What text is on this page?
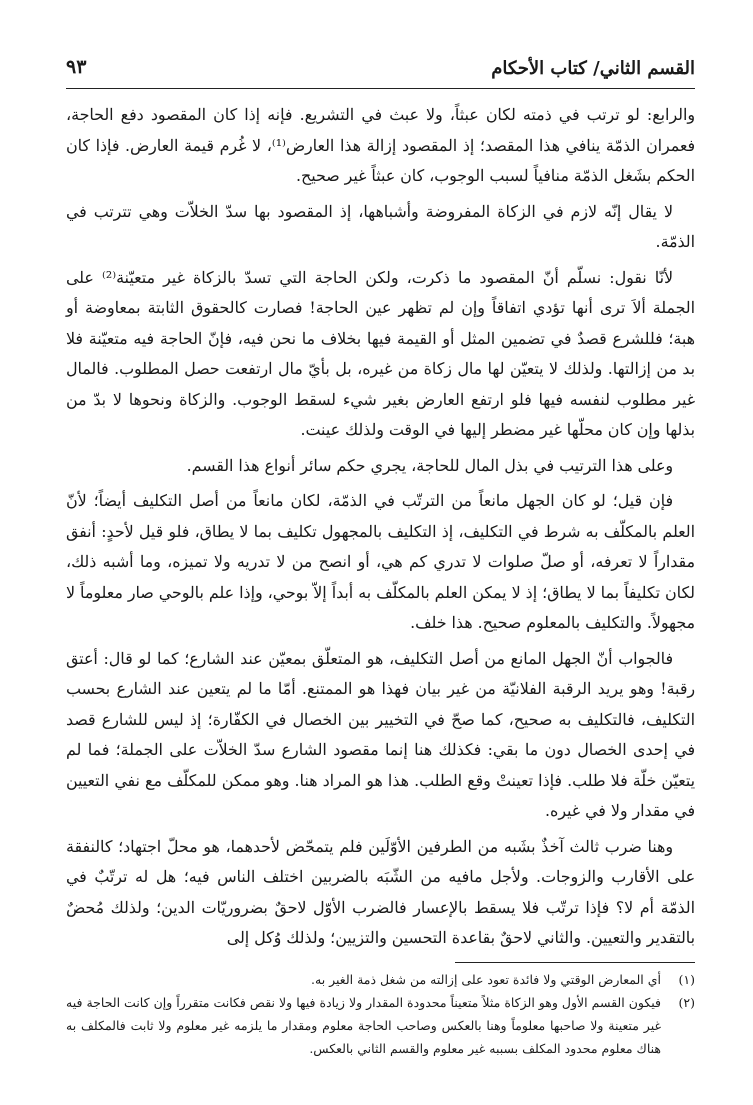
٩٣	القسم الثاني/ كتاب الأحكام

والرابع: لو ترتب في ذمته لكان عبثاً، ولا عبث في التشريع. فإنه إذا كان المقصود دفع الحاجة، فعمران الذمّة ينافي هذا المقصد؛ إذ المقصود إزالة هذا العارض⁽¹⁾، لا غُرم قيمة العارض. فإذا كان الحكم بشَغل الذمّة منافياً لسبب الوجوب، كان عبثاً غير صحيح.

لا يقال إنّه لازم في الزكاة المفروضة وأشباهها، إذ المقصود بها سدّ الخلاّت وهي تترتب في الذمّة.

لأنّا نقول: نسلّم أنّ المقصود ما ذكرت، ولكن الحاجة التي تسدّ بالزكاة غير متعيّنة⁽²⁾ على الجملة ألاَ ترى أنها تؤدي اتفاقاً وإن لم تظهر عين الحاجة! فصارت كالحقوق الثابتة بمعاوضة أو هبة؛ فللشرع قصدٌ في تضمين المثل أو القيمة فيها بخلاف ما نحن فيه، فإنّ الحاجة فيه متعيّنة فلا بد من إزالتها. ولذلك لا يتعيّن لها مال زكاة من غيره، بل بأيّ مال ارتفعت حصل المطلوب. فالمال غير مطلوب لنفسه فيها فلو ارتفع العارض بغير شيء لسقط الوجوب. والزكاة ونحوها لا بدّ من بذلها وإن كان محلّها غير مضطر إليها في الوقت ولذلك عينت.

وعلى هذا الترتيب في بذل المال للحاجة، يجري حكم سائر أنواع هذا القسم.

فإن قيل؛ لو كان الجهل مانعاً من الترتّب في الذمّة، لكان مانعاً من أصل التكليف أيضاً؛ لأنّ العلم بالمكلّف به شرط في التكليف، إذ التكليف بالمجهول تكليف بما لا يطاق، فلو قيل لأحدٍ: أنفق مقداراً لا تعرفه، أو صلّ صلوات لا تدري كم هي، أو انصح من لا تدريه ولا تميزه، وما أشبه ذلك، لكان تكليفاً بما لا يطاق؛ إذ لا يمكن العلم بالمكلّف به أبداً إلاّ بوحي، وإذا علم بالوحي صار معلوماً لا مجهولاً. والتكليف بالمعلوم صحيح. هذا خلف.

فالجواب أنّ الجهل المانع من أصل التكليف، هو المتعلّق بمعيّن عند الشارع؛ كما لو قال: أعتق رقبة! وهو يريد الرقبة الفلانيّة من غير بيان فهذا هو الممتنع. أمّا ما لم يتعين عند الشارع بحسب التكليف، فالتكليف به صحيح، كما صحّ في التخيير بين الخصال في الكفّارة؛ إذ ليس للشارع قصد في إحدى الخصال دون ما بقي: فكذلك هنا إنما مقصود الشارع سدّ الخلاّت على الجملة؛ فما لم يتعيّن خلّة فلا طلب. فإذا تعينتْ وقع الطلب. هذا هو المراد هنا. وهو ممكن للمكلّف مع نفي التعيين في مقدار ولا في غيره.

وهنا ضرب ثالث آخذٌ بشَبه من الطرفين الأوّلَين فلم يتمحّض لأحدهما، هو محلّ اجتهاد؛ كالنفقة على الأقارب والزوجات. ولأجل مافيه من الشّبَه بالضربين اختلف الناس فيه؛ هل له ترتّبٌ في الذمّة أم لا؟ فإذا ترتّب فلا يسقط بالإعسار فالضرب الأوّل لاحقٌ بضروريّات الدين؛ ولذلك مُحضٌ بالتقدير والتعيين. والثاني لاحقٌ بقاعدة التحسين والتزيين؛ ولذلك وُكل إلى

(١)
أي المعارض الوقتي ولا فائدة تعود على إزالته من شغل ذمة الغير به.
(٢)
فيكون القسم الأول وهو الزكاة مثلاً متعيناً محدودة المقدار ولا زيادة فيها ولا نقص فكانت متقرراً وإن كانت الحاجة فيه غير متعينة ولا صاحبها معلوماً وهنا بالعكس وصاحب الحاجة معلوم ومقدار ما يلزمه غير معلوم ولا ثابت فالمكلف به هناك معلوم محدود المكلف بسببه غير معلوم والقسم الثاني بالعكس.
